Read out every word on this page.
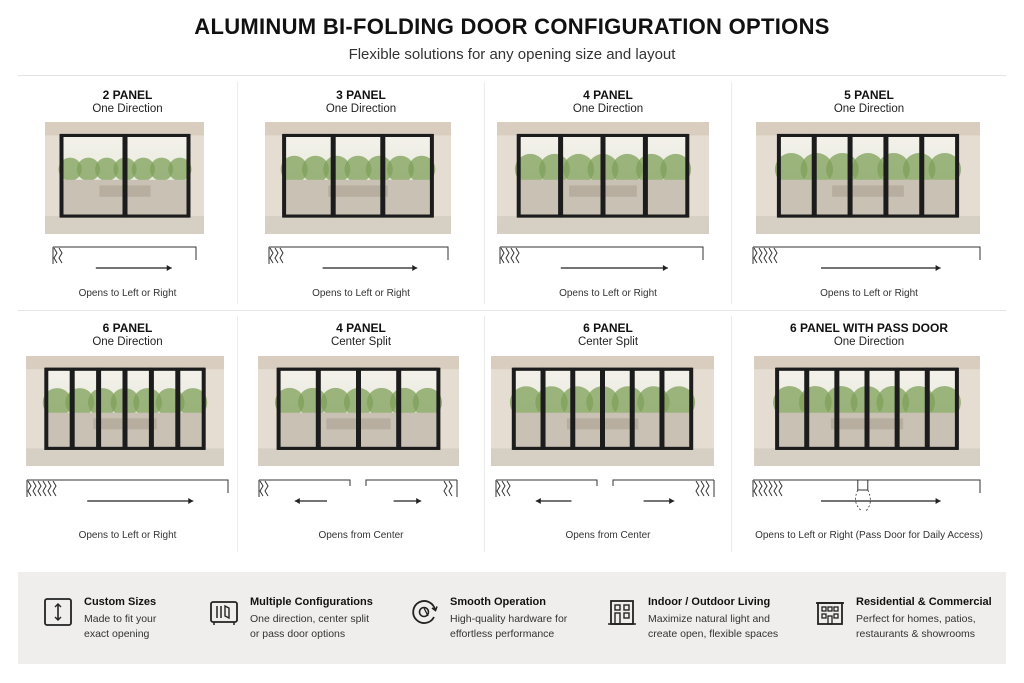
ALUMINUM BI-FOLDING DOOR CONFIGURATION OPTIONS
Flexible solutions for any opening size and layout
2 PANEL
One Direction
Opens to Left or Right
3 PANEL
One Direction
Opens to Left or Right
4 PANEL
One Direction
Opens to Left or Right
5 PANEL
One Direction
Opens to Left or Right
6 PANEL
One Direction
Opens to Left or Right
4 PANEL
Center Split
Opens from Center
6 PANEL
Center Split
Opens from Center
6 PANEL WITH PASS DOOR
One Direction
Opens to Left or Right (Pass Door for Daily Access)
Custom Sizes
Made to fit your
exact opening
Multiple Configurations
One direction, center split
or pass door options
Smooth Operation
High-quality hardware for
effortless performance
Indoor / Outdoor Living
Maximize natural light and
create open, flexible spaces
Residential & Commercial
Perfect for homes, patios,
restaurants & showrooms
